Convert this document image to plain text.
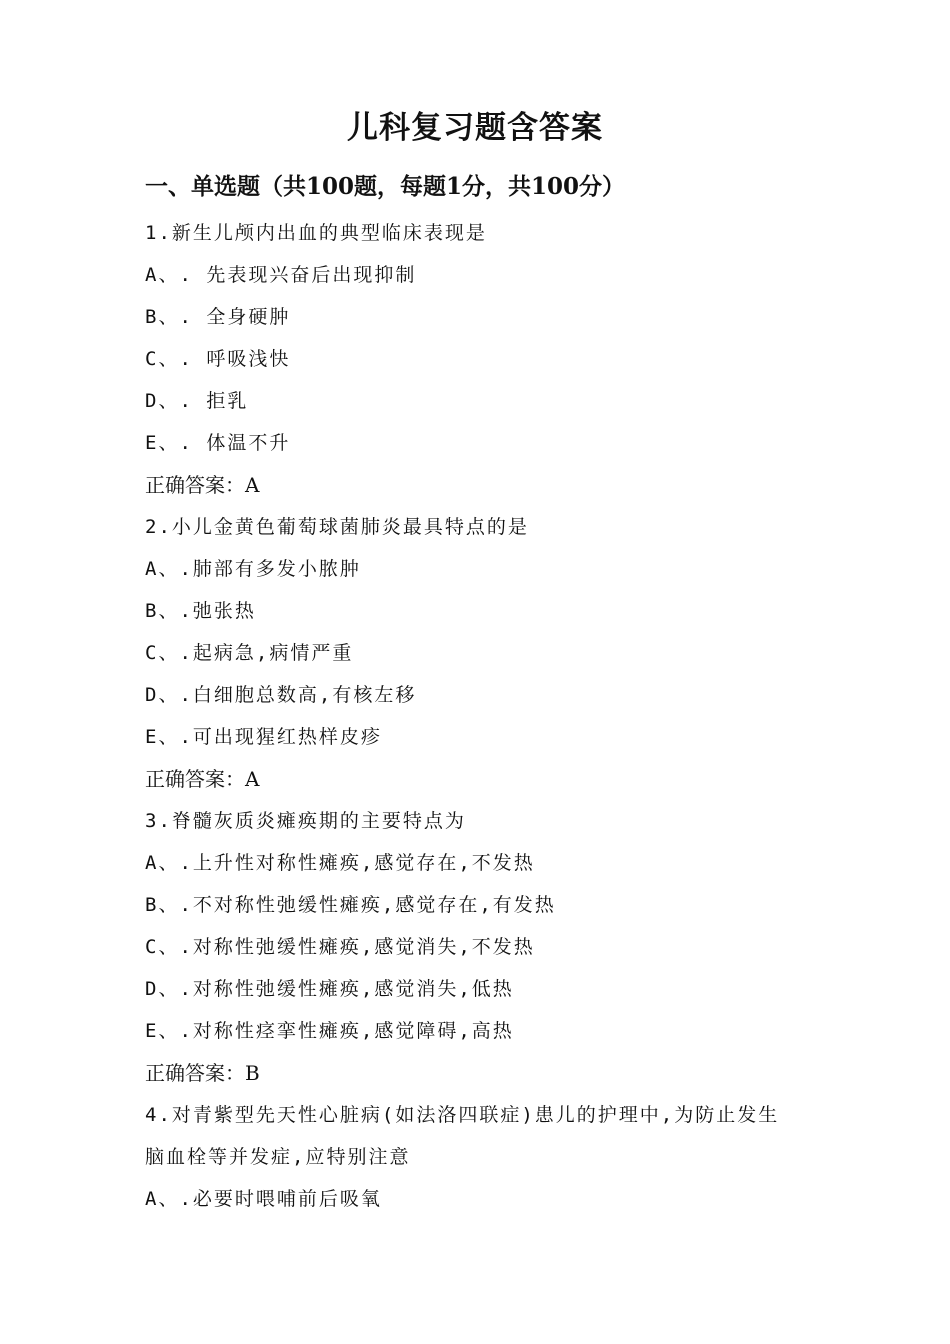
儿科复习题含答案
一、单选题（共100题，每题1分，共100分）
1.新生儿颅内出血的典型临床表现是
A、. 先表现兴奋后出现抑制
B、. 全身硬肿
C、. 呼吸浅快
D、. 拒乳
E、. 体温不升
正确答案：A
2.小儿金黄色葡萄球菌肺炎最具特点的是
A、.肺部有多发小脓肿
B、.弛张热
C、.起病急,病情严重
D、.白细胞总数高,有核左移
E、.可出现猩红热样皮疹
正确答案：A
3.脊髓灰质炎瘫痪期的主要特点为
A、.上升性对称性瘫痪,感觉存在,不发热
B、.不对称性弛缓性瘫痪,感觉存在,有发热
C、.对称性弛缓性瘫痪,感觉消失,不发热
D、.对称性弛缓性瘫痪,感觉消失,低热
E、.对称性痉挛性瘫痪,感觉障碍,高热
正确答案：B
4.对青紫型先天性心脏病(如法洛四联症)患儿的护理中,为防止发生
脑血栓等并发症,应特别注意
A、.必要时喂哺前后吸氧
